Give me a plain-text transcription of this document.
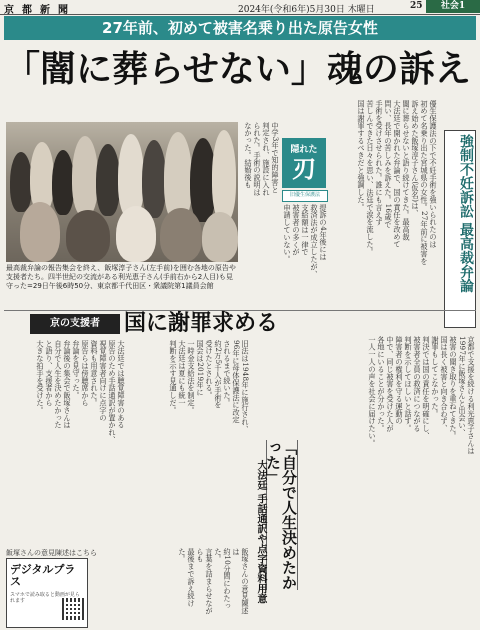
京都新聞	2024年(令和6年)5月30日 木曜日	25	社会1
27年前、初めて被害名乗り出た原告女性
「闇に葬らせない」魂の訴え
優生保護法の下で不妊手術を強いられたのは
初めて名乗り出た宮城県の女性。27年前に被害を
訴え始めた飯塚淳子さん(仮名)は、
闇に葬らせないと語り続けてきた。最高裁
大法廷で開かれた弁論で、国の責任を改めて
問い、長年の苦しみを訴えた。16歳で
手術を受けさせられた。誰にも言えず
苦しんできた日々を思い、法廷で涙を流した。
国は謝罪するべきだと強調した。	強制不妊訴訟 最高裁弁論
隠れた
刃
旧優生保護法
提訴の4年後には
救済法が成立したが、
支給額は一律で
被害者の多くが
申請していない。
中学3年で知的障害と
判定され、施設に入れ
られた。手術の説明は
なかった。結婚後も
最高裁弁論の報告集会を終え、飯塚淳子さん(左手前)を囲む各地の原告や支援者たち。四半世紀の交流がある利光恵子さん(手前右から2人目)も見守った=29日午後6時50分、東京都千代田区・衆議院第1議員会館
京の支援者	国に謝罪求める
京都で支援を続ける利光恵子さんは
1997年に飯塚さんと出会い、
被害の聞き取りを重ねてきた。
国は長く被害と向き合わず、
謝罪もしてこなかった。
判決では国の責任を明確にし、
被害者全員の救済につながる
判断を示してほしいと話す。
障害者の権利を守る運動の
中で、同じ被害を受けた人が
各地にいることが分かった。
一人一人の声を社会に届けたい。
「自分で人生決めたかった」
大法廷 手話通訳や点字資料用意
旧法は1948年に施行され、
96年に母体保護法に改定
されるまで続いた。
約2万5千人が手術を
受けたとされる。
国会は2019年に
一時金支給法を制定。
大法廷は夏にも統一
判断を示す見通しだ。
大法廷では聴覚障害のある
原告のため手話通訳が置かれ、
視覚障害者向けに点字の
資料も用意された。
原告らは傍聴席から
弁論を見守った。
弁論後の集会で飯塚さんは
自分で人生を決めたかった
と語り、支援者から
大きな拍手を受けた。
飯塚さんの意見陳述は
約10分間にわたった。
言葉を詰まらせながらも
最後まで訴え続けた。
飯塚さんの意見陳述はこちら
デジタルプラス
スマホで読み取ると動画が見られます
